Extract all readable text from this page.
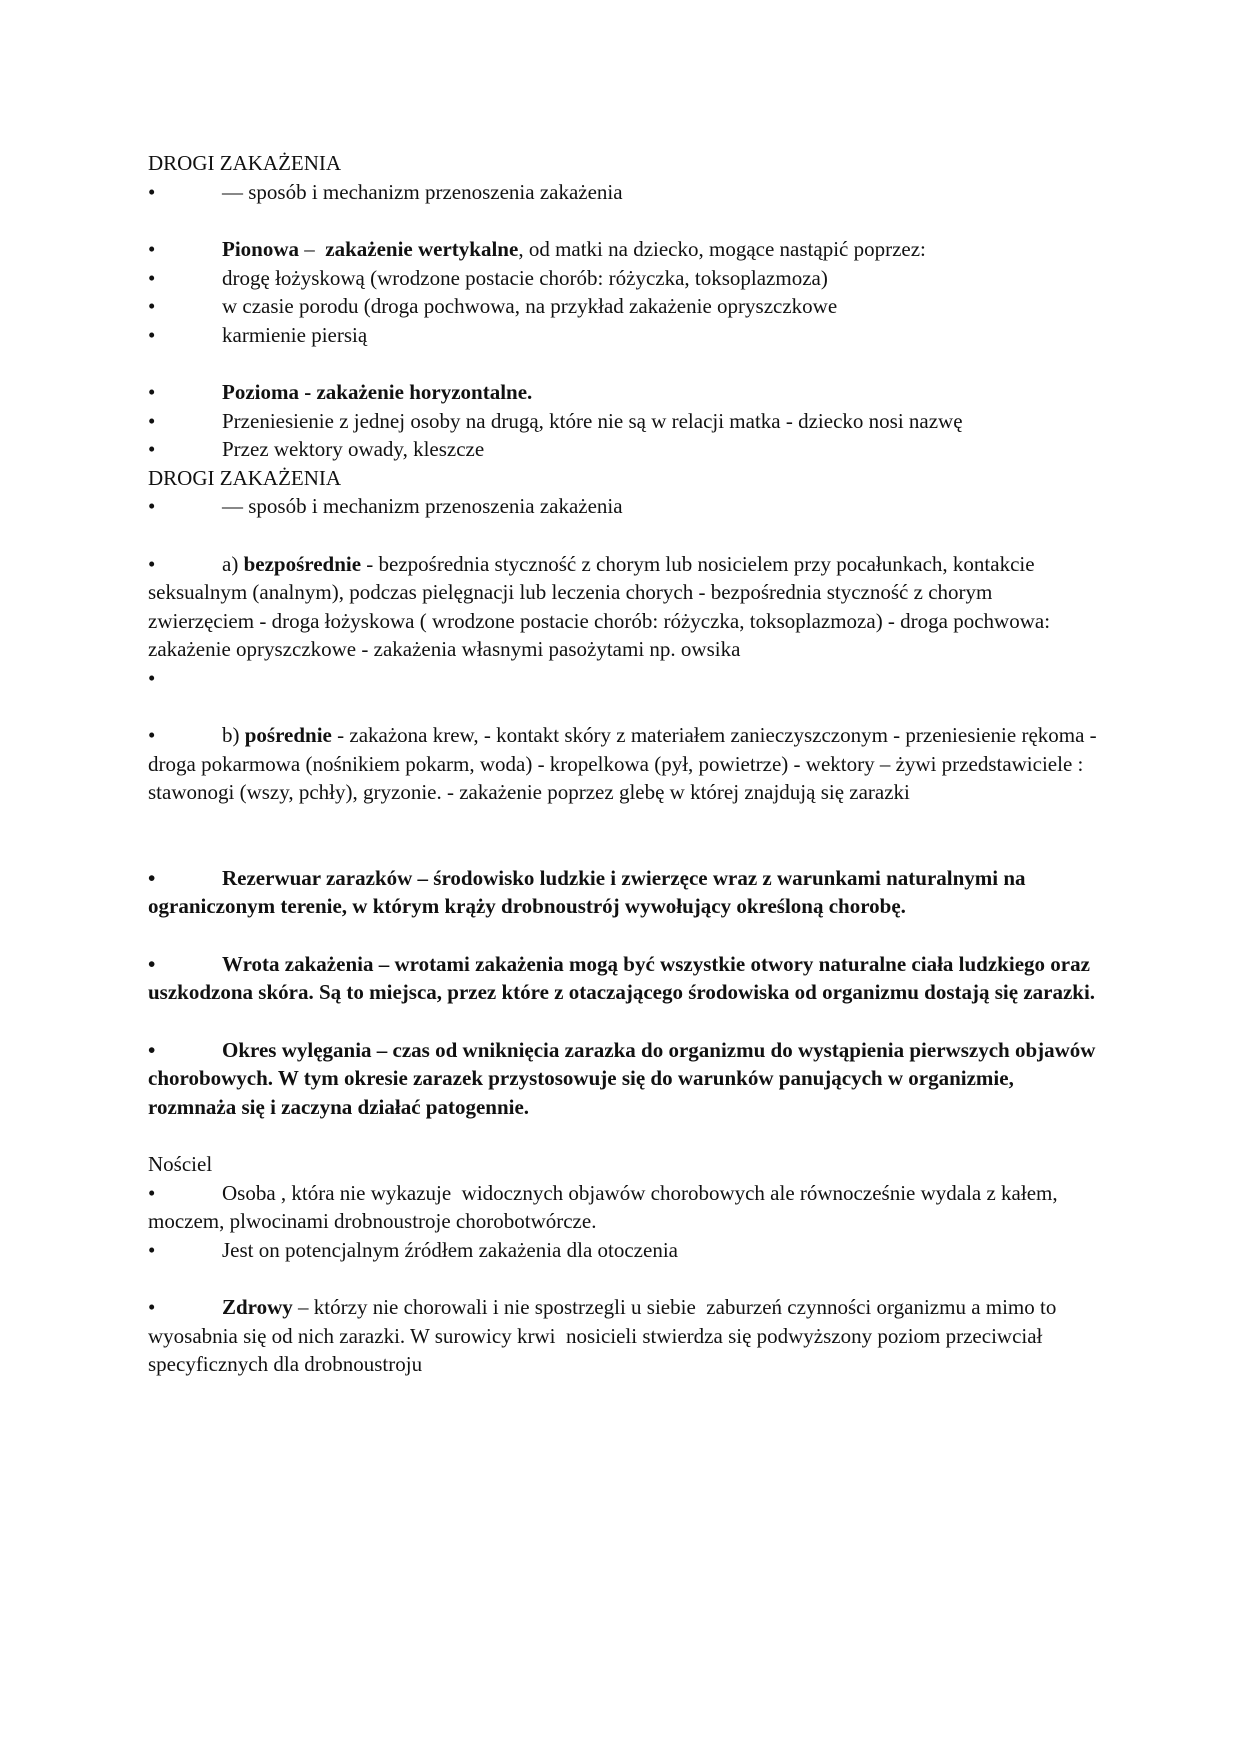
DROGI ZAKAŻENIA
•	— sposób i mechanizm przenoszenia zakażenia
•	Pionowa –  zakażenie wertykalne, od matki na dziecko, mogące nastąpić poprzez:
•	drogę łożyskową (wrodzone postacie chorób: różyczka, toksoplazmoza)
•	w czasie porodu (droga pochwowa, na przykład zakażenie opryszczkowe
•	karmienie piersią
•	Pozioma - zakażenie horyzontalne.
•	Przeniesienie z jednej osoby na drugą, które nie są w relacji matka - dziecko nosi nazwę
•	Przez wektory owady, kleszcze
DROGI ZAKAŻENIA
•	— sposób i mechanizm przenoszenia zakażenia
•	a) bezpośrednie - bezpośrednia styczność z chorym lub nosicielem przy pocałunkach, kontakcie seksualnym (analnym), podczas pielęgnacji lub leczenia chorych - bezpośrednia styczność z chorym zwierzęciem - droga łożyskowa ( wrodzone postacie chorób: różyczka, toksoplazmoza) - droga pochwowa: zakażenie opryszczkowe - zakażenia własnymi pasożytami np. owsika
•
•	b) pośrednie - zakażona krew, - kontakt skóry z materiałem zanieczyszczonym - przeniesienie rękoma - droga pokarmowa (nośnikiem pokarm, woda) - kropelkowa (pył, powietrze) - wektory – żywi przedstawiciele : stawonogi (wszy, pchły), gryzonie. - zakażenie poprzez glebę w której znajdują się zarazki
•	Rezerwuar zarazków – środowisko ludzkie i zwierzęce wraz z warunkami naturalnymi na ograniczonym terenie, w którym krąży drobnoustrój wywołujący określoną chorobę.
•	Wrota zakażenia – wrotami zakażenia mogą być wszystkie otwory naturalne ciała ludzkiego oraz uszkodzona skóra. Są to miejsca, przez które z otaczającego środowiska od organizmu dostają się zarazki.
•	Okres wylęgania – czas od wniknięcia zarazka do organizmu do wystąpienia pierwszych objawów chorobowych. W tym okresie zarazek przystosowuje się do warunków panujących w organizmie, rozmnaża się i zaczyna działać patogennie.
Nościel
•	Osoba , która nie wykazuje  widocznych objawów chorobowych ale równocześnie wydala z kałem, moczem, plwocinami drobnoustroje chorobotwórcze.
•	Jest on potencjalnym źródłem zakażenia dla otoczenia
•	Zdrowy – którzy nie chorowali i nie spostrzegli u siebie  zaburzeń czynności organizmu a mimo to wyosabnia się od nich zarazki. W surowicy krwi  nosicieli stwierdza się podwyższony poziom przeciwciał specyficznych dla drobnoustroju
